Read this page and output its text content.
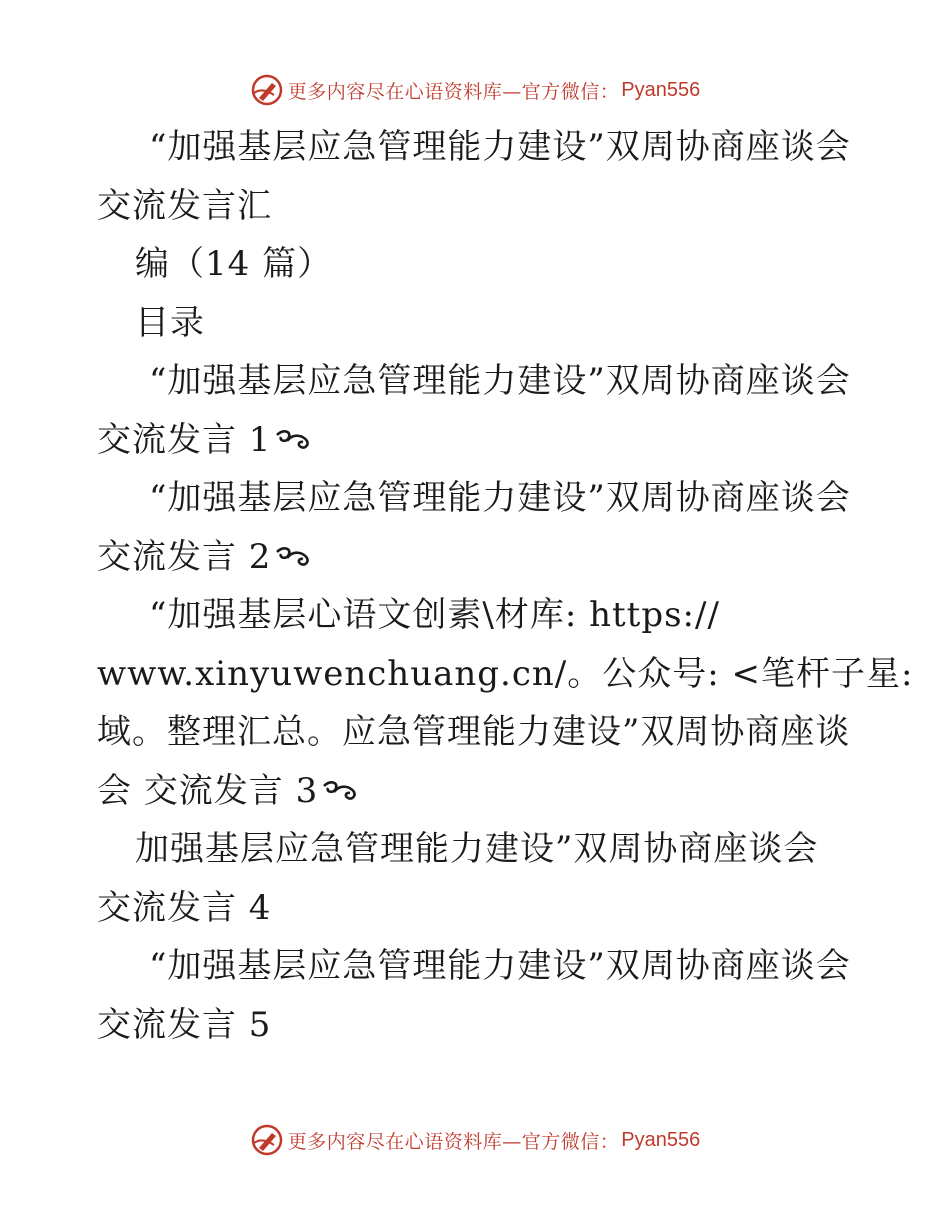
更多内容尽在心语资料库—官方微信： Pyan556
“加强基层应急管理能力建设”双周协商座谈会
交流发言汇
编（14 篇）
目录
“加强基层应急管理能力建设”双周协商座谈会
交流发言 1
“加强基层应急管理能力建设”双周协商座谈会
交流发言 2
“加强基层心语文创素\材库: https://
www.xinyuwenchuang.cn/。公众号: <笔杆子星:
域。整理汇总。应急管理能力建设”双周协商座谈
会 交流发言 3
加强基层应急管理能力建设”双周协商座谈会
交流发言 4
“加强基层应急管理能力建设”双周协商座谈会
交流发言 5
更多内容尽在心语资料库—官方微信： Pyan556
